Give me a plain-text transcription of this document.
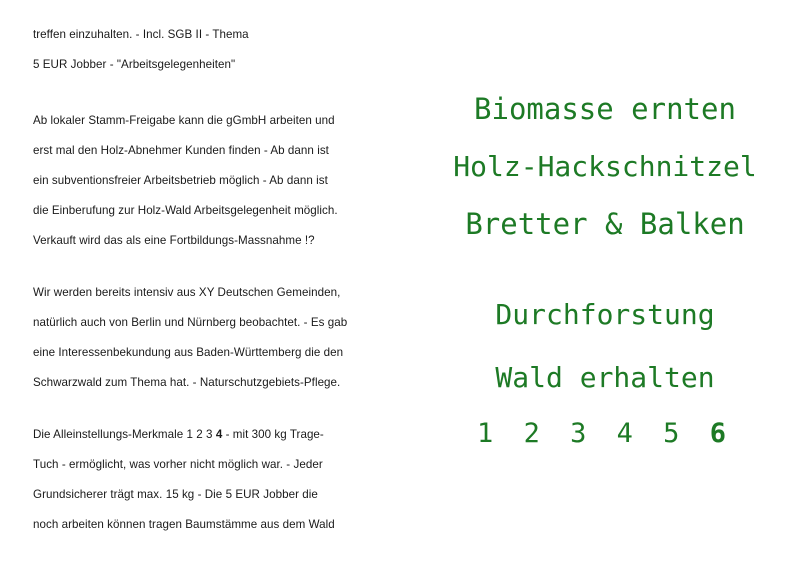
treffen einzuhalten. - Incl. SGB II - Thema
5 EUR Jobber - "Arbeitsgelegenheiten"
Ab lokaler Stamm-Freigabe kann die gGmbH arbeiten und
erst mal den Holz-Abnehmer Kunden finden - Ab dann ist
ein subventionsfreier Arbeitsbetrieb möglich - Ab dann ist
die Einberufung zur Holz-Wald Arbeitsgelegenheit möglich.
Verkauft wird das als eine Fortbildungs-Massnahme !?
Wir werden bereits intensiv aus XY Deutschen Gemeinden,
natürlich auch von Berlin und Nürnberg beobachtet. - Es gab
eine Interessenbekundung aus Baden-Württemberg die den
Schwarzwald zum Thema hat. - Naturschutzgebiets-Pflege.
Die Alleinstellungs-Merkmale 1 2 3 4 - mit 300 kg Trage-
Tuch - ermöglicht, was vorher nicht möglich war. - Jeder
Grundsicherer trägt max. 15 kg - Die 5 EUR Jobber die
noch arbeiten können tragen Baumstämme aus dem Wald
Biomasse ernten
Holz-Hackschnitzel
Bretter & Balken
Durchforstung
Wald erhalten
1 2 3 4 5 6
